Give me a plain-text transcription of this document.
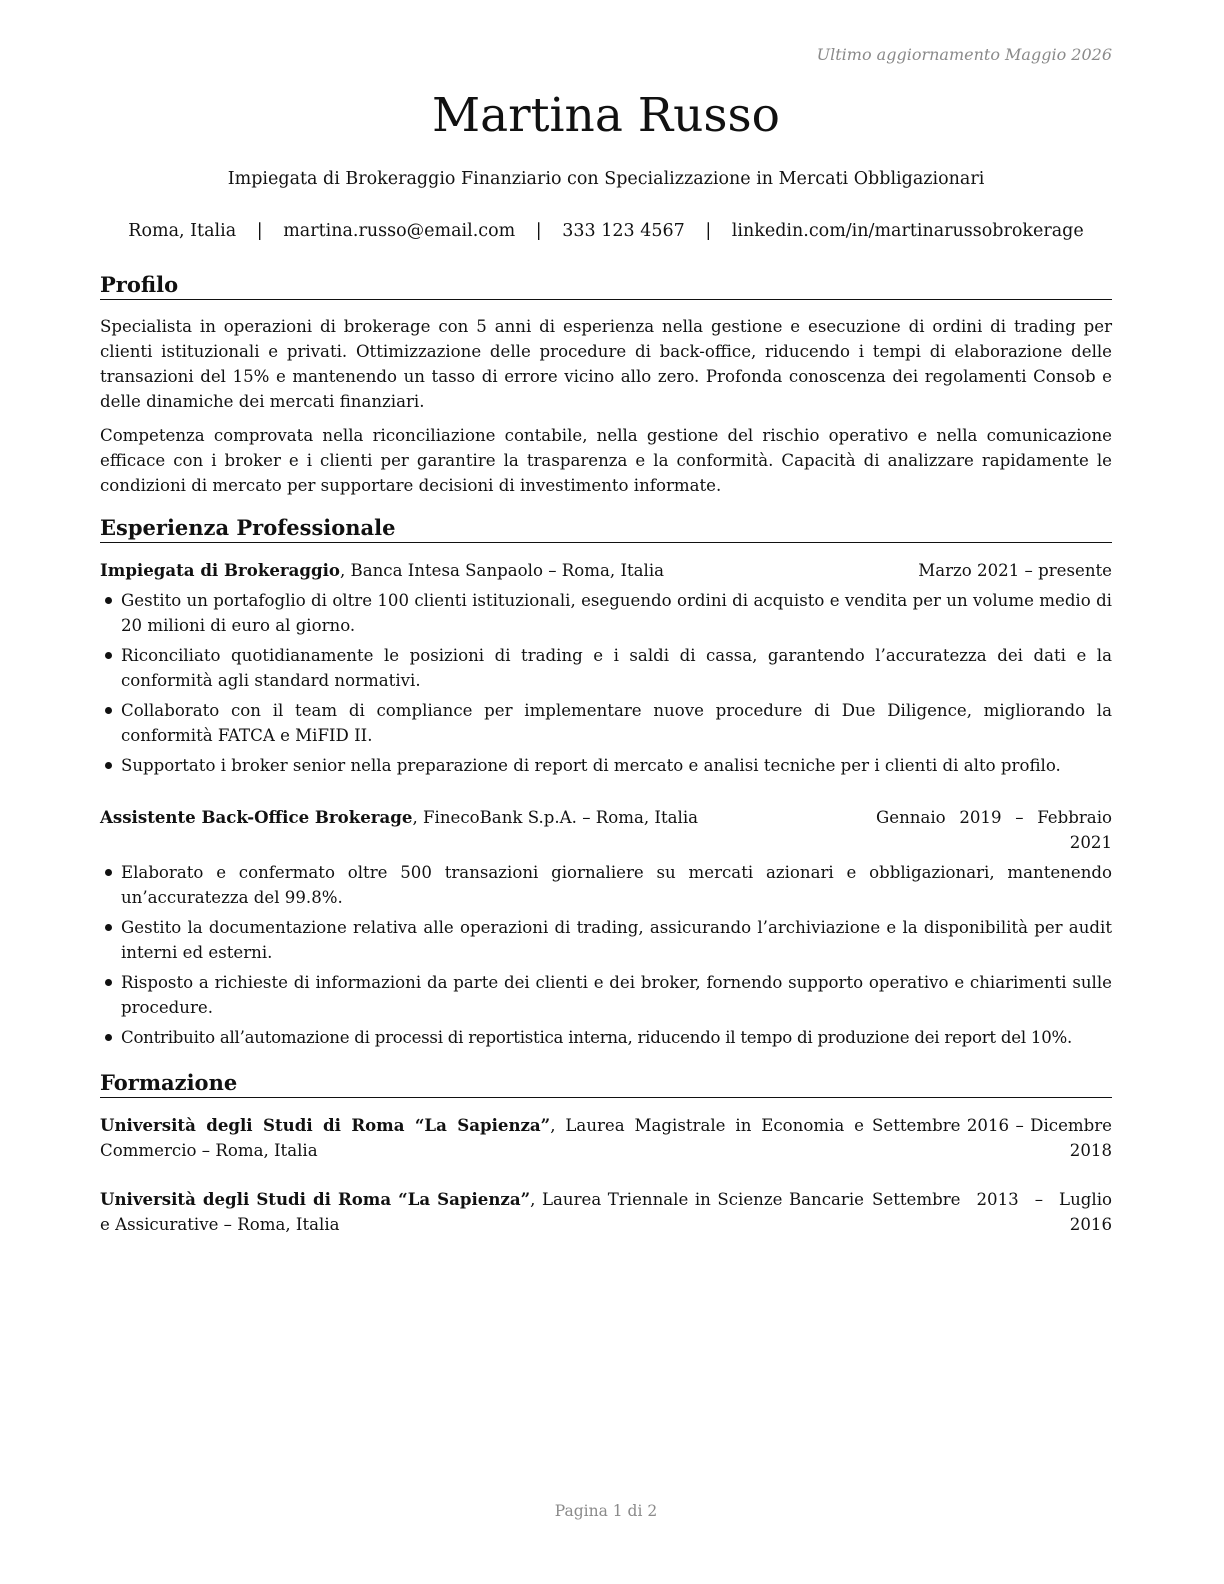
Ultimo aggiornamento Maggio 2026
Martina Russo
Impiegata di Brokeraggio Finanziario con Specializzazione in Mercati Obbligazionari
Roma, Italia | martina.russo@email.com | 333 123 4567 | linkedin.com/in/martinarussobrokerage
Profilo

Specialista in operazioni di brokerage con 5 anni di esperienza nella gestione e esecuzione di ordini di trading per clienti istituzionali e privati. Ottimizzazione delle procedure di back-office, riducendo i tempi di elaborazione delle transazioni del 15% e mantenendo un tasso di errore vicino allo zero. Profonda conoscenza dei regolamenti Consob e delle dinamiche dei mercati finanziari.

Competenza comprovata nella riconciliazione contabile, nella gestione del rischio operativo e nella comunicazione efficace con i broker e i clienti per garantire la trasparenza e la conformità. Capacità di analizzare rapidamente le condizioni di mercato per supportare decisioni di investimento informate.

Esperienza Professionale
Impiegata di Brokeraggio, Banca Intesa Sanpaolo – Roma, Italia	Marzo 2021 – presente
Gestito un portafoglio di oltre 100 clienti istituzionali, eseguendo ordini di acquisto e vendita per un volume medio di 20 milioni di euro al giorno.
Riconciliato quotidianamente le posizioni di trading e i saldi di cassa, garantendo l’accuratezza dei dati e la conformità agli standard normativi.
Collaborato con il team di compliance per implementare nuove procedure di Due Diligence, migliorando la conformità FATCA e MiFID II.
Supportato i broker senior nella preparazione di report di mercato e analisi tecniche per i clienti di alto profilo.
Assistente Back-Office Brokerage, FinecoBank S.p.A. – Roma, Italia	Gennaio 2019 – Febbraio 2021
Elaborato e confermato oltre 500 transazioni giornaliere su mercati azionari e obbligazionari, mantenendo un’accuratezza del 99.8%.
Gestito la documentazione relativa alle operazioni di trading, assicurando l’archiviazione e la disponibilità per audit interni ed esterni.
Risposto a richieste di informazioni da parte dei clienti e dei broker, fornendo supporto operativo e chiarimenti sulle procedure.
Contribuito all’automazione di processi di reportistica interna, riducendo il tempo di produzione dei report del 10%.
Formazione
Università degli Studi di Roma “La Sapienza”, Laurea Magistrale in Economia e Commercio – Roma, Italia
Settembre 2016 – Dicembre 2018
Università degli Studi di Roma “La Sapienza”, Laurea Triennale in Scienze Bancarie e Assicurative – Roma, Italia
Settembre 2013 – Luglio 2016
Pagina 1 di 2
